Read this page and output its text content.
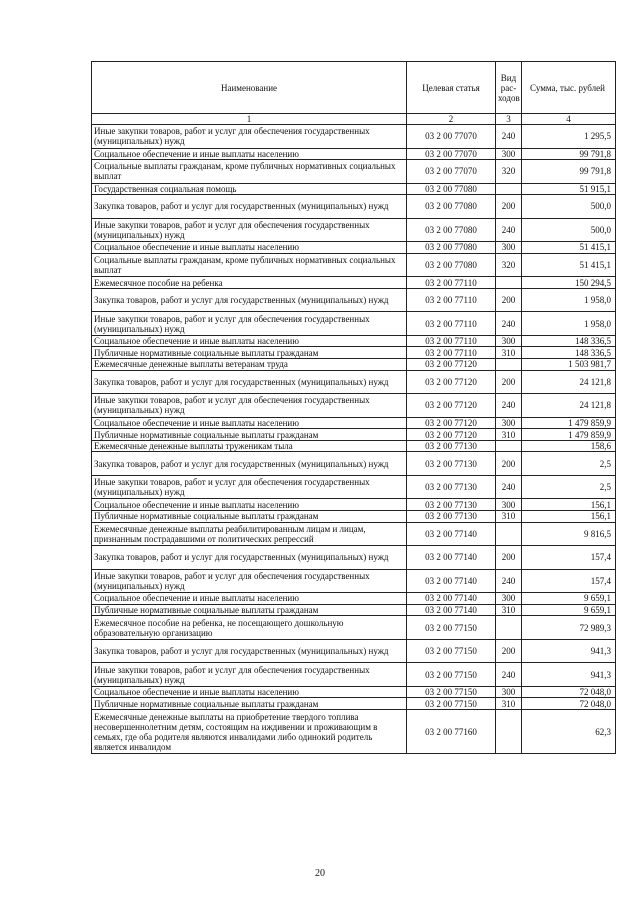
Наименование	Целевая статья	Вид рас-ходов	Сумма, тыс. рублей
1	2	3	4
Иные закупки товаров, работ и услуг для обеспечения государственных (муниципальных) нужд	03 2 00 77070	240	1 295,5
Социальное обеспечение и иные выплаты населению	03 2 00 77070	300	99 791,8
Социальные выплаты гражданам, кроме публичных нормативных социальных выплат	03 2 00 77070	320	99 791,8
Государственная социальная помощь	03 2 00 77080		51 915,1
Закупка товаров, работ и услуг для государственных (муниципальных) нужд	03 2 00 77080	200	500,0
Иные закупки товаров, работ и услуг для обеспечения государственных (муниципальных) нужд	03 2 00 77080	240	500,0
Социальное обеспечение и иные выплаты населению	03 2 00 77080	300	51 415,1
Социальные выплаты гражданам, кроме публичных нормативных социальных выплат	03 2 00 77080	320	51 415,1
Ежемесячное пособие на ребенка	03 2 00 77110		150 294,5
Закупка товаров, работ и услуг для государственных (муниципальных) нужд	03 2 00 77110	200	1 958,0
Иные закупки товаров, работ и услуг для обеспечения государственных (муниципальных) нужд	03 2 00 77110	240	1 958,0
Социальное обеспечение и иные выплаты населению	03 2 00 77110	300	148 336,5
Публичные нормативные социальные выплаты гражданам	03 2 00 77110	310	148 336,5
Ежемесячные денежные выплаты ветеранам труда	03 2 00 77120		1 503 981,7
Закупка товаров, работ и услуг для государственных (муниципальных) нужд	03 2 00 77120	200	24 121,8
Иные закупки товаров, работ и услуг для обеспечения государственных (муниципальных) нужд	03 2 00 77120	240	24 121,8
Социальное обеспечение и иные выплаты населению	03 2 00 77120	300	1 479 859,9
Публичные нормативные социальные выплаты гражданам	03 2 00 77120	310	1 479 859,9
Ежемесячные денежные выплаты труженикам тыла	03 2 00 77130		158,6
Закупка товаров, работ и услуг для государственных (муниципальных) нужд	03 2 00 77130	200	2,5
Иные закупки товаров, работ и услуг для обеспечения государственных (муниципальных) нужд	03 2 00 77130	240	2,5
Социальное обеспечение и иные выплаты населению	03 2 00 77130	300	156,1
Публичные нормативные социальные выплаты гражданам	03 2 00 77130	310	156,1
Ежемесячные денежные выплаты реабилитированным лицам и лицам, признанным пострадавшими от политических репрессий	03 2 00 77140		9 816,5
Закупка товаров, работ и услуг для государственных (муниципальных) нужд	03 2 00 77140	200	157,4
Иные закупки товаров, работ и услуг для обеспечения государственных (муниципальных) нужд	03 2 00 77140	240	157,4
Социальное обеспечение и иные выплаты населению	03 2 00 77140	300	9 659,1
Публичные нормативные социальные выплаты гражданам	03 2 00 77140	310	9 659,1
Ежемесячное пособие на ребенка, не посещающего дошкольную образовательную организацию	03 2 00 77150		72 989,3
Закупка товаров, работ и услуг для государственных (муниципальных) нужд	03 2 00 77150	200	941,3
Иные закупки товаров, работ и услуг для обеспечения государственных (муниципальных) нужд	03 2 00 77150	240	941,3
Социальное обеспечение и иные выплаты населению	03 2 00 77150	300	72 048,0
Публичные нормативные социальные выплаты гражданам	03 2 00 77150	310	72 048,0
Ежемесячные денежные выплаты на приобретение твердого топлива несовершеннолетним детям, состоящим на иждивении и проживающим в семьях, где оба родителя являются инвалидами либо одинокий родитель является инвалидом	03 2 00 77160		62,3
20
